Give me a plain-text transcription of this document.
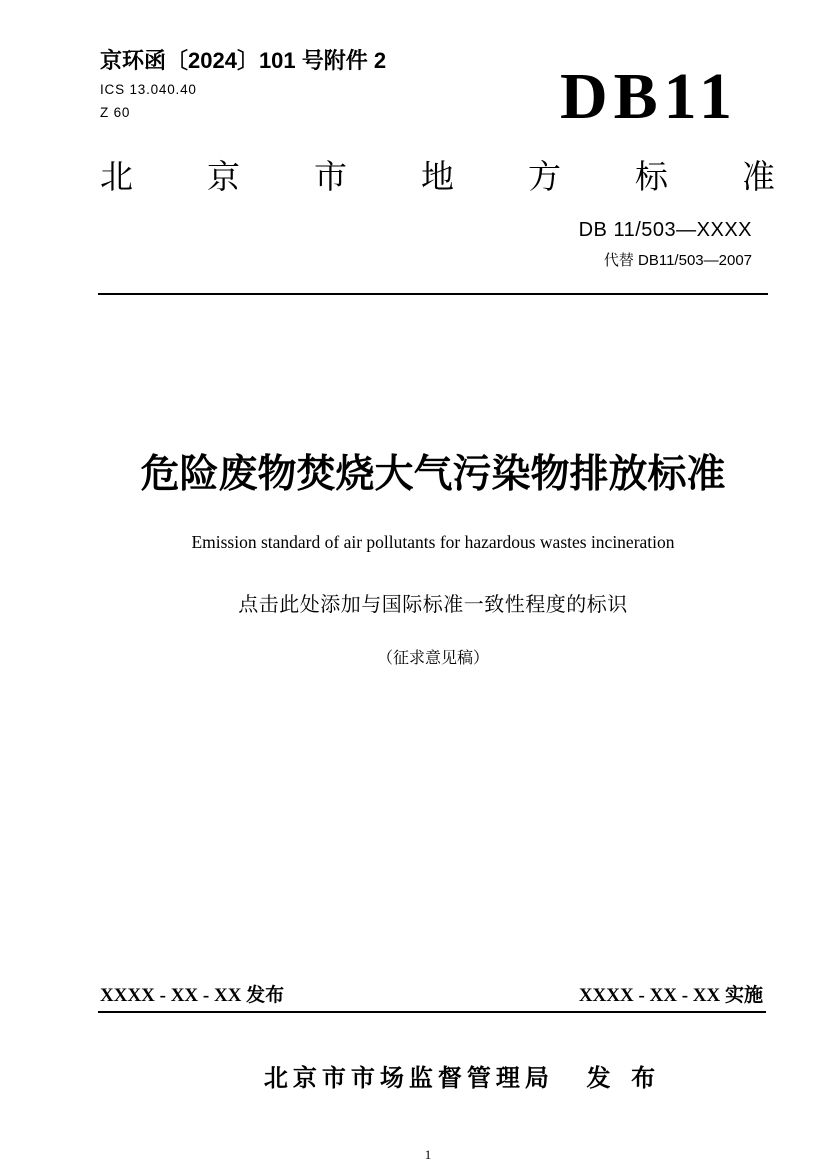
京环函〔2024〕101 号附件 2
ICS 13.040.40
Z 60	DB11
北 京 市 地 方 标 准
DB 11/503—XXXX
代替 DB11/503—2007
危险废物焚烧大气污染物排放标准
Emission standard of air pollutants for hazardous wastes incineration
点击此处添加与国际标准一致性程度的标识
（征求意见稿）
XXXX - XX - XX 发布	XXXX - XX - XX 实施
北京市市场监督管理局 发 布
1
